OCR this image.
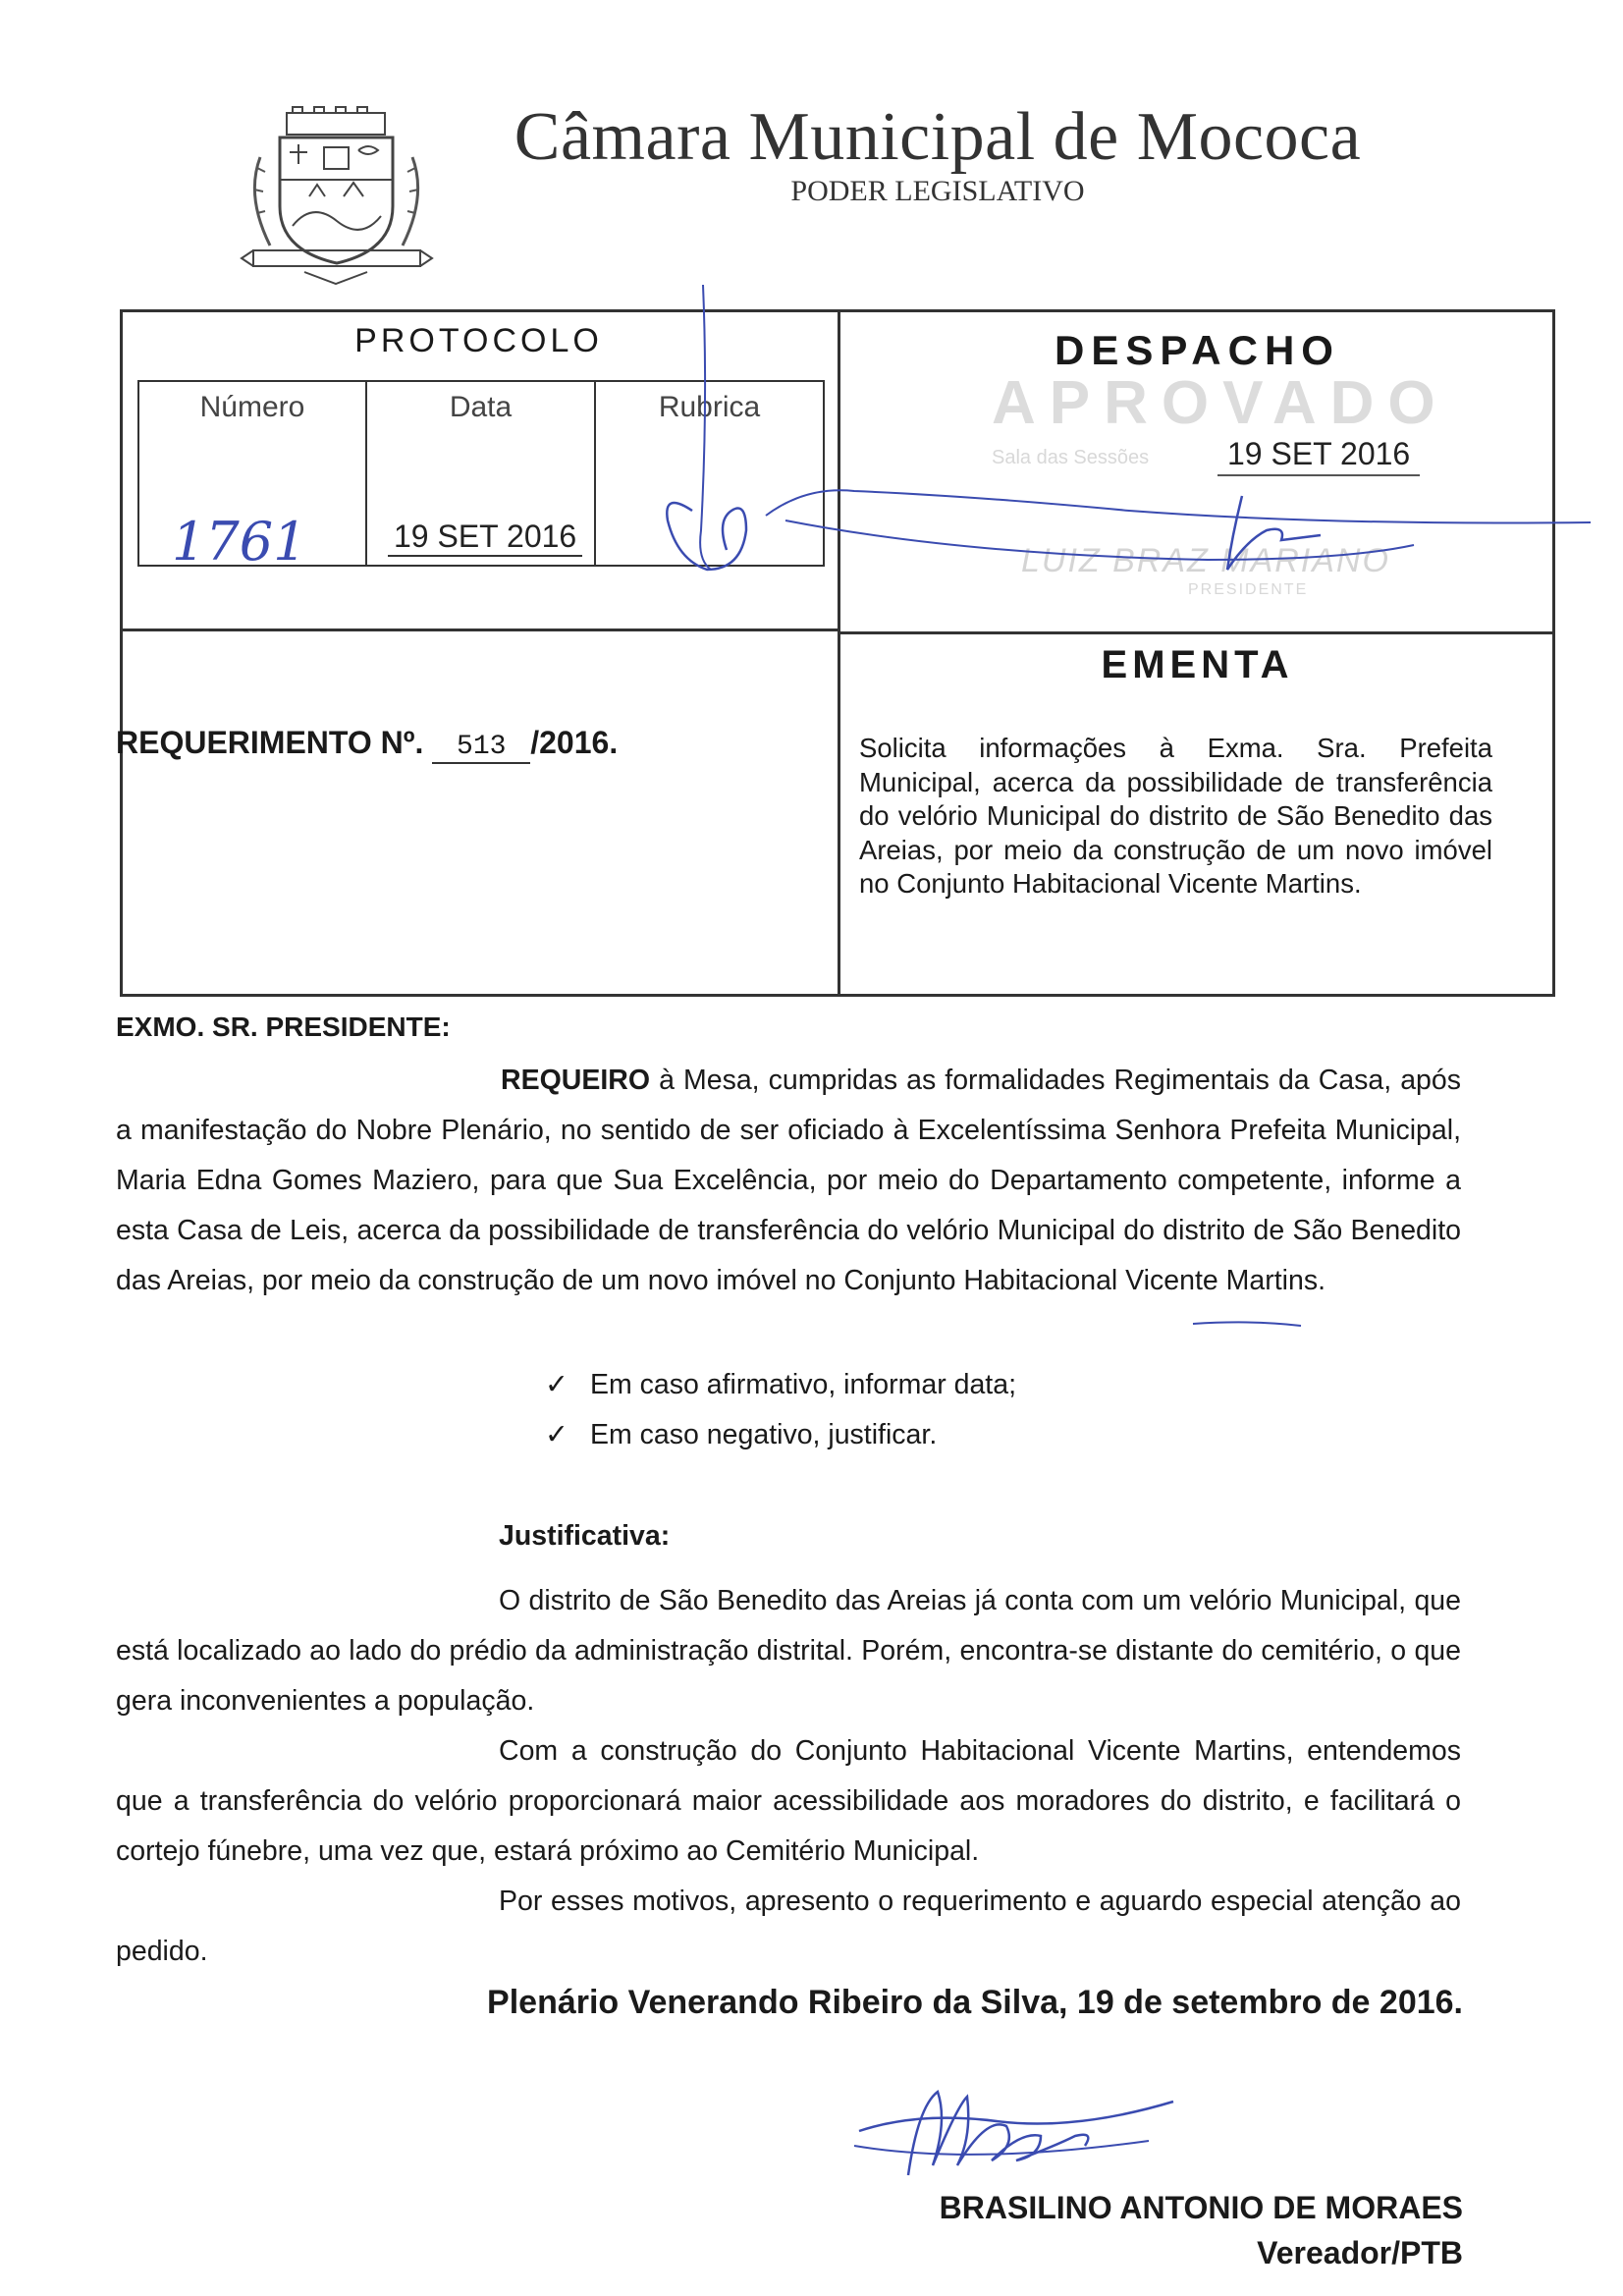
Câmara Municipal de Mococa
PODER LEGISLATIVO
PROTOCOLO
Número	Data	Rubrica
1761	19 SET 2016
DESPACHO
APROVADO
Sala das Sessões	19 SET 2016
LUIZ BRAZ MARIANO
PRESIDENTE
EMENTA
Solicita informações à Exma. Sra. Prefeita Municipal, acerca da possibilidade de transferência do velório Municipal do distrito de São Benedito das Areias, por meio da construção de um novo imóvel no Conjunto Habitacional Vicente Martins.
REQUERIMENTO Nº. 513 /2016.
EXMO. SR. PRESIDENTE:
REQUEIRO à Mesa, cumpridas as formalidades Regimentais da Casa, após a manifestação do Nobre Plenário, no sentido de ser oficiado à Excelentíssima Senhora Prefeita Municipal, Maria Edna Gomes Maziero, para que Sua Excelência, por meio do Departamento competente, informe a esta Casa de Leis, acerca da possibilidade de transferência do velório Municipal do distrito de São Benedito das Areias, por meio da construção de um novo imóvel no Conjunto Habitacional Vicente Martins.
✓ Em caso afirmativo, informar data;
✓ Em caso negativo, justificar.
Justificativa:
O distrito de São Benedito das Areias já conta com um velório Municipal, que está localizado ao lado do prédio da administração distrital. Porém, encontra-se distante do cemitério, o que gera inconvenientes a população.
Com a construção do Conjunto Habitacional Vicente Martins, entendemos que a transferência do velório proporcionará maior acessibilidade aos moradores do distrito, e facilitará o cortejo fúnebre, uma vez que, estará próximo ao Cemitério Municipal.
Por esses motivos, apresento o requerimento e aguardo especial atenção ao pedido.
Plenário Venerando Ribeiro da Silva, 19 de setembro de 2016.
BRASILINO ANTONIO DE MORAES
Vereador/PTB
